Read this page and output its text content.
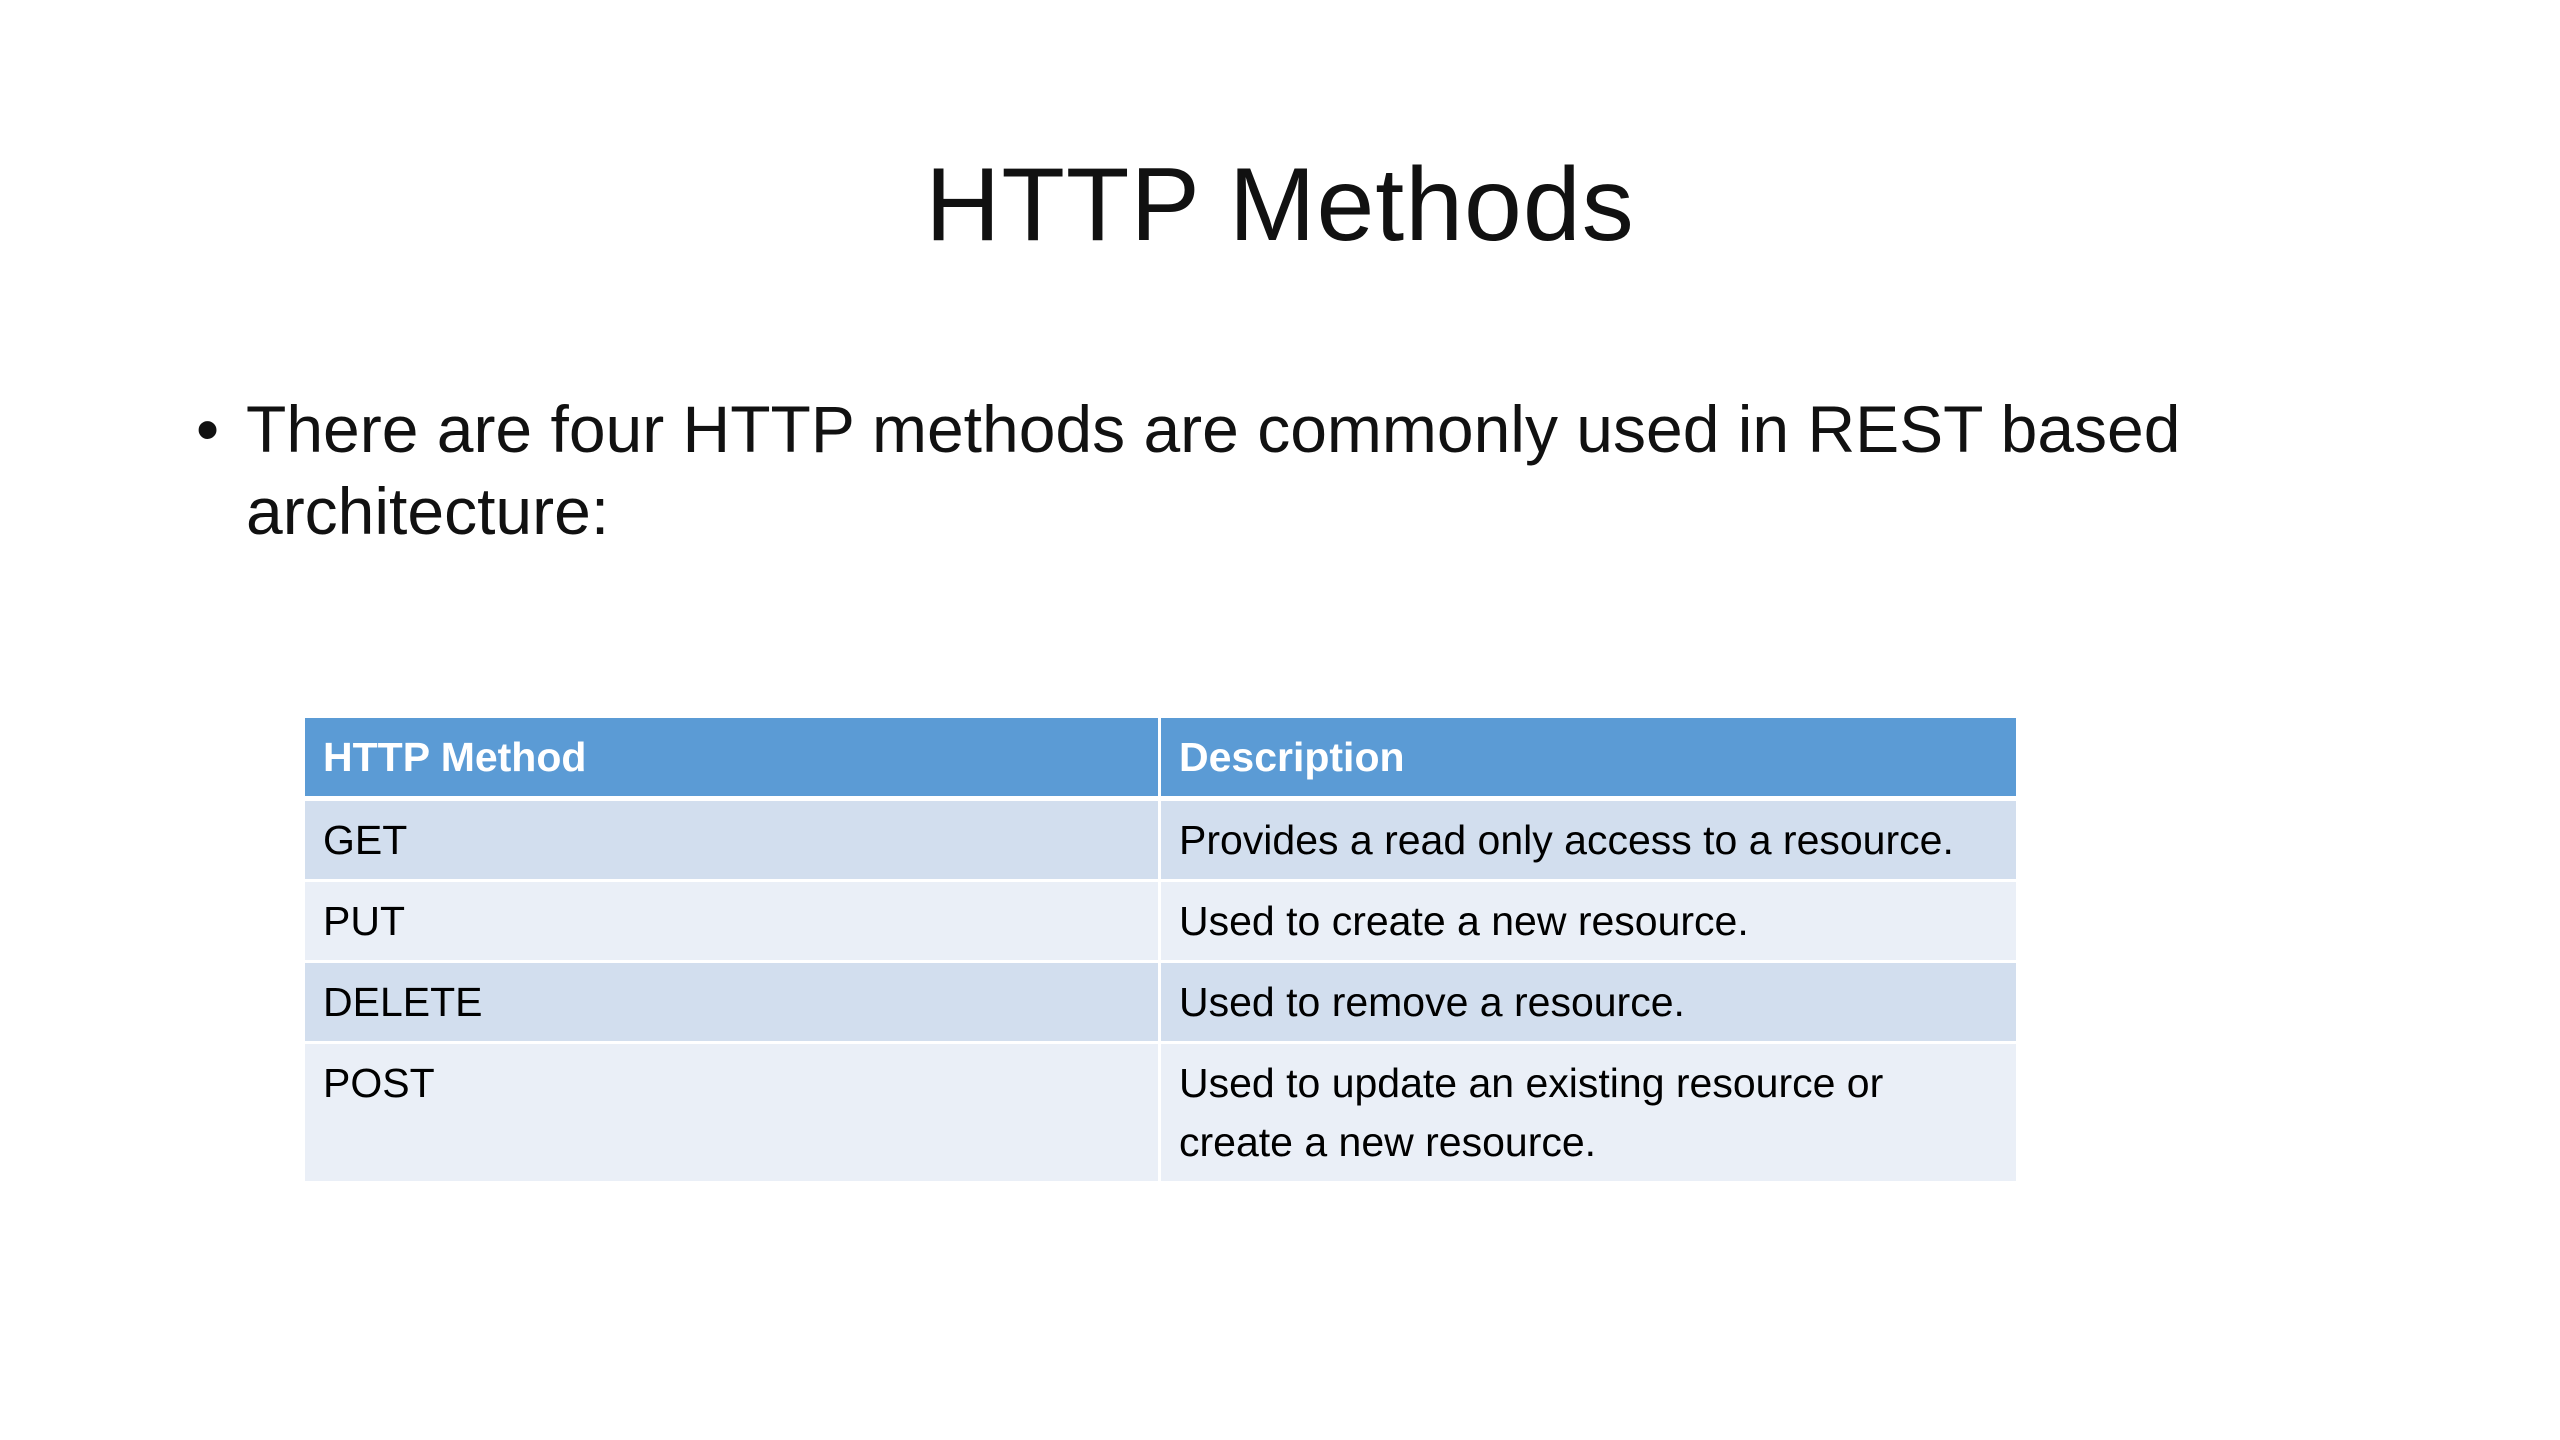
HTTP Methods
• There are four HTTP methods are commonly used in REST based architecture:
HTTP Method	Description
GET	Provides a read only access to a resource.
PUT	Used to create a new resource.
DELETE	Used to remove a resource.
POST	Used to update an existing resource or create a new resource.
